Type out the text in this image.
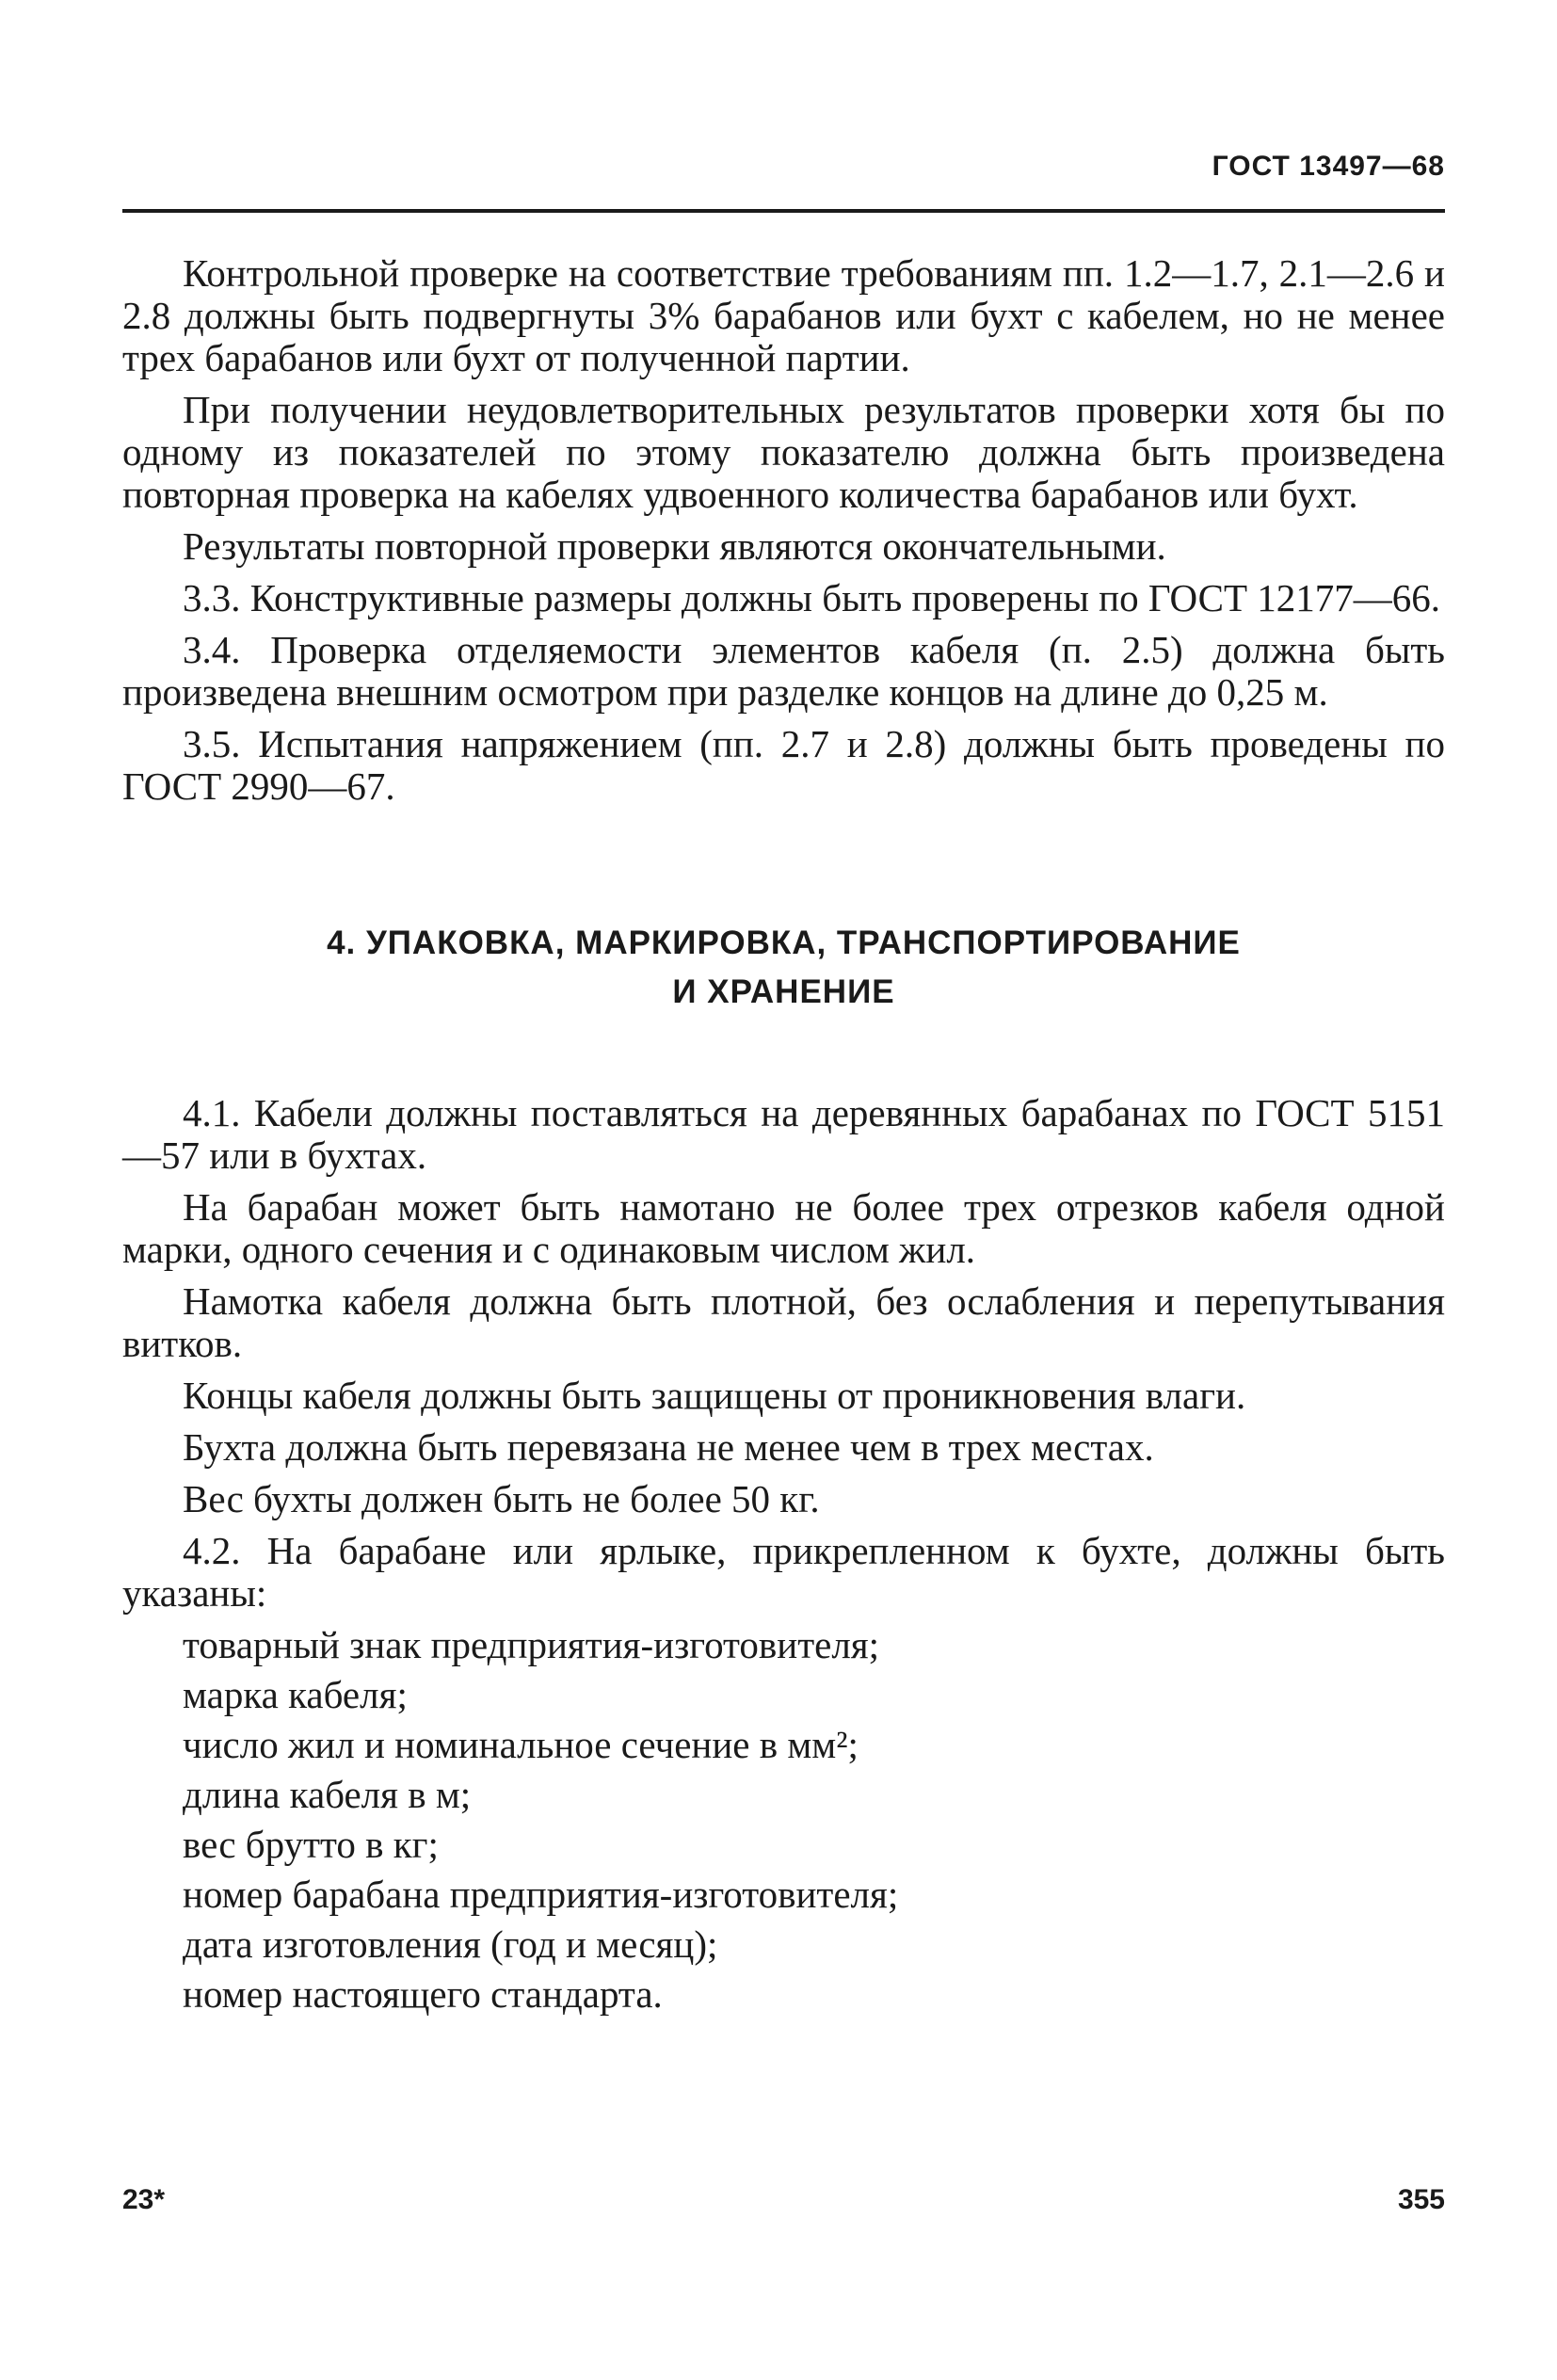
ГОСТ 13497—68

Контрольной проверке на соответствие требованиям пп. 1.2—1.7, 2.1—2.6 и 2.8 должны быть подвергнуты 3% барабанов или бухт с кабелем, но не менее трех барабанов или бухт от полученной партии.

При получении неудовлетворительных результатов проверки хотя бы по одному из показателей по этому показателю должна быть произведена повторная проверка на кабелях удвоенного количества барабанов или бухт.

Результаты повторной проверки являются окончательными.

3.3. Конструктивные размеры должны быть проверены по ГОСТ 12177—66.

3.4. Проверка отделяемости элементов кабеля (п. 2.5) должна быть произведена внешним осмотром при разделке концов на длине до 0,25 м.

3.5. Испытания напряжением (пп. 2.7 и 2.8) должны быть проведены по ГОСТ 2990—67.

4. УПАКОВКА, МАРКИРОВКА, ТРАНСПОРТИРОВАНИЕ
И ХРАНЕНИЕ

4.1. Кабели должны поставляться на деревянных барабанах по ГОСТ 5151—57 или в бухтах.

На барабан может быть намотано не более трех отрезков кабеля одной марки, одного сечения и с одинаковым числом жил.

Намотка кабеля должна быть плотной, без ослабления и перепутывания витков.

Концы кабеля должны быть защищены от проникновения влаги.

Бухта должна быть перевязана не менее чем в трех местах.

Вес бухты должен быть не более 50 кг.

4.2. На барабане или ярлыке, прикрепленном к бухте, должны быть указаны:

товарный знак предприятия-изготовителя;
марка кабеля;
число жил и номинальное сечение в мм²;
длина кабеля в м;
вес брутто в кг;
номер барабана предприятия-изготовителя;
дата изготовления (год и месяц);
номер настоящего стандарта.
23*	355
